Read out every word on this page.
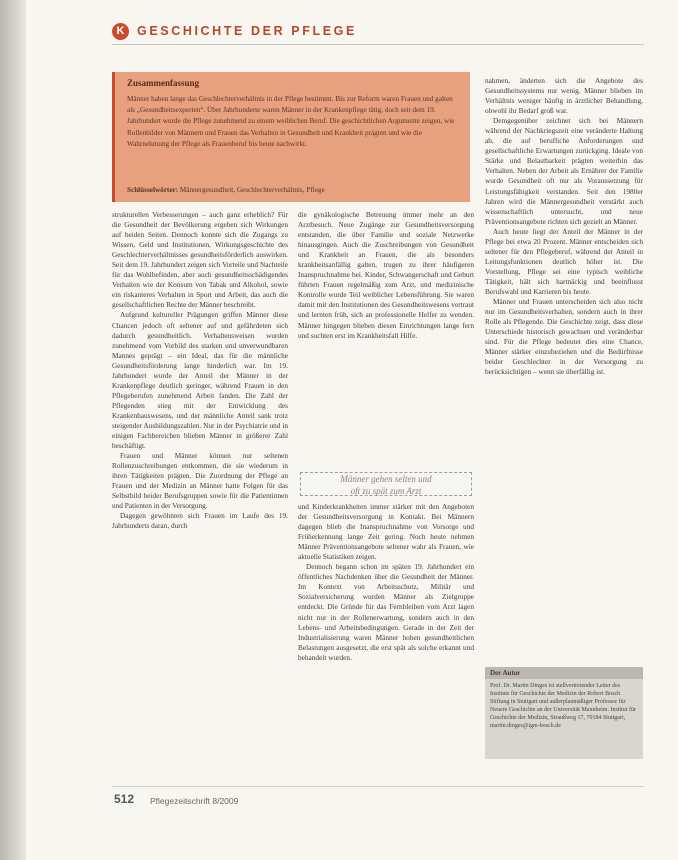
K	GESCHICHTE DER PFLEGE
Zusammenfassung
Männer haben lange das Geschlechterverhältnis in der Pflege bestimmt. Bis zur Reform waren Frauen und galten als „Gesundheitsexperten“. Über Jahrhunderte waren Männer in der Krankenpflege tätig, doch seit dem 19. Jahrhundert wurde die Pflege zunehmend zu einem weiblichen Beruf. Die geschichtlichen Argumente zeigen, wie Rollenbilder von Männern und Frauen das Verhalten in Gesundheit und Krankheit prägten und wie die Wahrnehmung der Pflege als Frauenberuf bis heute nachwirkt.
Schlüsselwörter: Männergesundheit, Geschlechterverhältnis, Pflege

strukturellen Verbesserungen – auch ganz erheblich? Für die Gesundheit der Bevölkerung ergeben sich Wirkungen auf beiden Seiten. Dennoch konnte sich die Zugangs zu Wissen, Geld und Institutionen, Wirkungsgeschichte des Geschlechterverhältnisses gesundheitsförderlich auswirken. Seit dem 19. Jahrhundert zeigen sich Vorteile und Nachteile für das Wohlbefinden, aber auch gesundheitsschädigendes Verhalten wie der Konsum von Tabak und Alkohol, sowie ein riskanteres Verhalten in Sport und Arbeit, das auch die gesellschaftlichen Rechte der Männer beschreibt.

Aufgrund kultureller Prägungen griffen Männer diese Chancen jedoch oft seltener auf und gefährdeten sich dadurch gesundheitlich. Verhaltensweisen wurden zunehmend vom Vorbild des starken und unverwundbaren Mannes geprägt – ein Ideal, das für die männliche Gesundheitsförderung lange hinderlich war. Im 19. Jahrhundert wurde der Anteil der Männer in der Krankenpflege deutlich geringer, während Frauen in den Pflegeberufen zunehmend Arbeit fanden. Die Zahl der Pflegenden stieg mit der Entwicklung des Krankenhauswesens, und der männliche Anteil sank trotz steigender Ausbildungszahlen. Nur in der Psychiatrie und in einigen Fachbereichen blieben Männer in größerer Zahl beschäftigt.

Frauen und Männer können nur seltenen Rollenzuschreibungen entkommen, die sie wiederum in ihren Tätigkeiten prägten. Die Zuordnung der Pflege an Frauen und der Medizin an Männer hatte Folgen für das Selbstbild beider Berufsgruppen sowie für die Patientinnen und Patienten in der Versorgung.

Dagegen gewöhnten sich Frauen im Laufe des 19. Jahrhunderts daran, durch

die gynäkologische Betreuung immer mehr an den Arztbesuch. Neue Zugänge zur Gesundheitsversorgung entstanden, die über Familie und soziale Netzwerke hinausgingen. Auch die Zuschreibungen von Gesundheit und Krankheit an Frauen, die als besonders krankheitsanfällig galten, trugen zu ihrer häufigeren Inanspruchnahme bei. Kinder, Schwangerschaft und Geburt führten Frauen regelmäßig zum Arzt, und medizinische Kontrolle wurde Teil weiblicher Lebensführung. Sie waren damit mit den Institutionen des Gesundheitswesens vertraut und lernten früh, sich an professionelle Helfer zu wenden. Männer hingegen blieben diesen Einrichtungen lange fern und suchten erst im Krankheitsfall Hilfe.

Männer gehen selten und
oft zu spät zum Arzt

und Kinderkrankheiten immer stärker mit den Angeboten der Gesundheitsversorgung in Kontakt. Bei Männern dagegen blieb die Inanspruchnahme von Vorsorge und Früherkennung lange Zeit gering. Noch heute nehmen Männer Präventionsangebote seltener wahr als Frauen, wie aktuelle Statistiken zeigen.

Dennoch begann schon im späten 19. Jahrhundert ein öffentliches Nachdenken über die Gesundheit der Männer. Im Kontext von Arbeitsschutz, Militär und Sozialversicherung wurden Männer als Zielgruppe entdeckt. Die Gründe für das Fernbleiben vom Arzt lagen nicht nur in der Rollenerwartung, sondern auch in den Lebens- und Arbeitsbedingungen. Gerade in der Zeit der Industrialisierung waren Männer hohen gesundheitlichen Belastungen ausgesetzt, die erst spät als solche erkannt und behandelt wurden.

nahmen, änderten sich die Angebote des Gesundheitssystems nur wenig. Männer blieben im Verhältnis weniger häufig in ärztlicher Behandlung, obwohl ihr Bedarf groß war.

Demgegenüber zeichnet sich bei Männern während der Nachkriegszeit eine veränderte Haltung ab, die auf berufliche Anforderungen und gesellschaftliche Erwartungen zurückging. Ideale von Stärke und Belastbarkeit prägten weiterhin das Verhalten. Neben der Arbeit als Ernährer der Familie wurde Gesundheit oft nur als Voraussetzung für Leistungsfähigkeit verstanden. Seit den 1980er Jahren wird die Männergesundheit verstärkt auch wissenschaftlich untersucht, und neue Präventionsangebote richten sich gezielt an Männer.

Auch heute liegt der Anteil der Männer in der Pflege bei etwa 20 Prozent. Männer entscheiden sich seltener für den Pflegeberuf, während der Anteil in Leitungsfunktionen deutlich höher ist. Die Vorstellung, Pflege sei eine typisch weibliche Tätigkeit, hält sich hartnäckig und beeinflusst Berufswahl und Karrieren bis heute.

Männer und Frauen unterscheiden sich also nicht nur im Gesundheitsverhalten, sondern auch in ihrer Rolle als Pflegende. Die Geschichte zeigt, dass diese Unterschiede historisch gewachsen und veränderbar sind. Für die Pflege bedeutet dies eine Chance, Männer stärker einzubeziehen und die Bedürfnisse beider Geschlechter in der Versorgung zu berücksichtigen – wenn sie überfällig ist.

Der Autor
Prof. Dr. Martin Dinges ist stellvertretender Leiter des Instituts für Geschichte der Medizin der Robert Bosch Stiftung in Stuttgart und außerplanmäßiger Professor für Neuere Geschichte an der Universität Mannheim. Institut für Geschichte der Medizin, Straußweg 17, 70184 Stuttgart, martin.dinges@igm-bosch.de
512 Pflegezeitschrift 8/2009
